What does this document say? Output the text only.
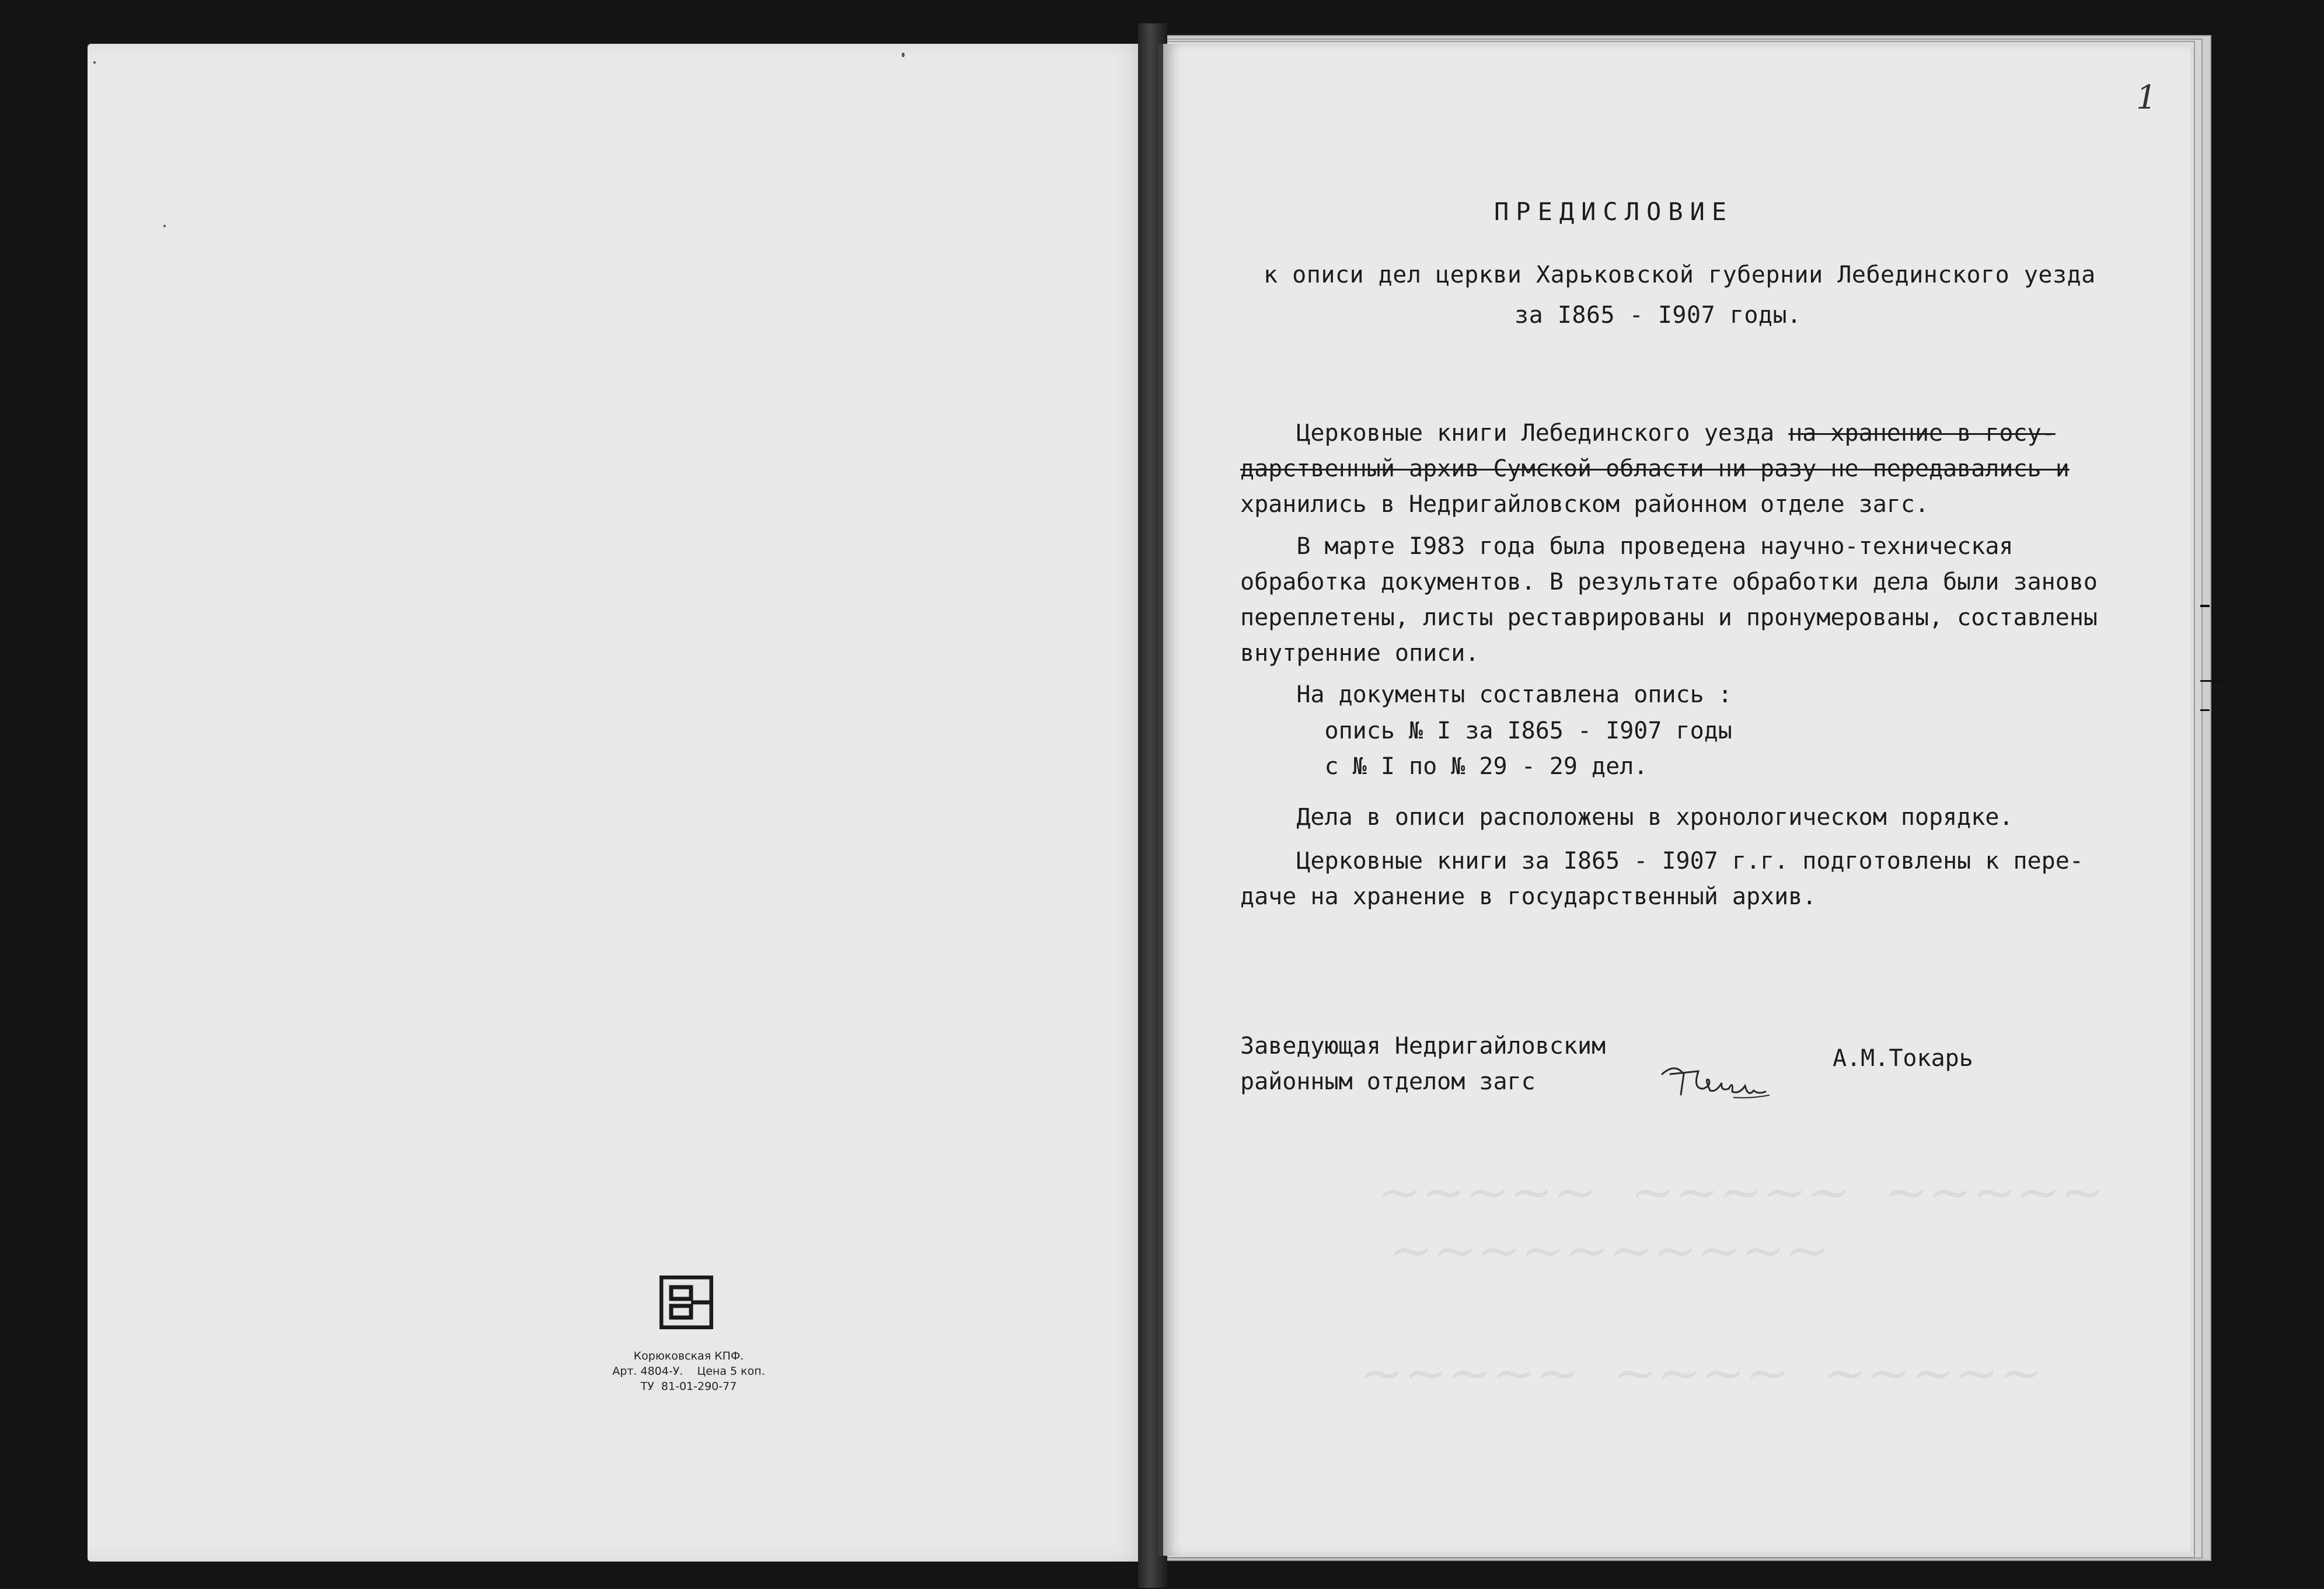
Корюковская КПФ.
Арт. 4804-У.    Цена 5 коп.
ТУ  81-01-290-77
~~~~~  ~~~~~  ~~~~~
~~~~~~~~~~
~~~~~  ~~~~  ~~~~~
1
ПРЕДИСЛОВИЕ
к описи дел церкви Харьковской губернии Лебединского уезда
за I865 - I907 годы.
Церковные книги Лебединского уезда на хранение в госу-
дарственный архив Сумской области ни разу не передавались и
хранились в Недригайловском районном отделе загс.
В марте I983 года была проведена научно-техническая
обработка документов. В результате обработки дела были заново
переплетены, листы реставрированы и пронумерованы, составлены
внутренние описи.
На документы составлена опись :
опись № I за I865 - I907 годы
с № I по № 29 - 29 дел.
Дела в описи расположены в хронологическом порядке.
Церковные книги за I865 - I907 г.г. подготовлены к пере-
даче на хранение в государственный архив.
Заведующая Недригайловским
районным отделом загс
А.М.Токарь
